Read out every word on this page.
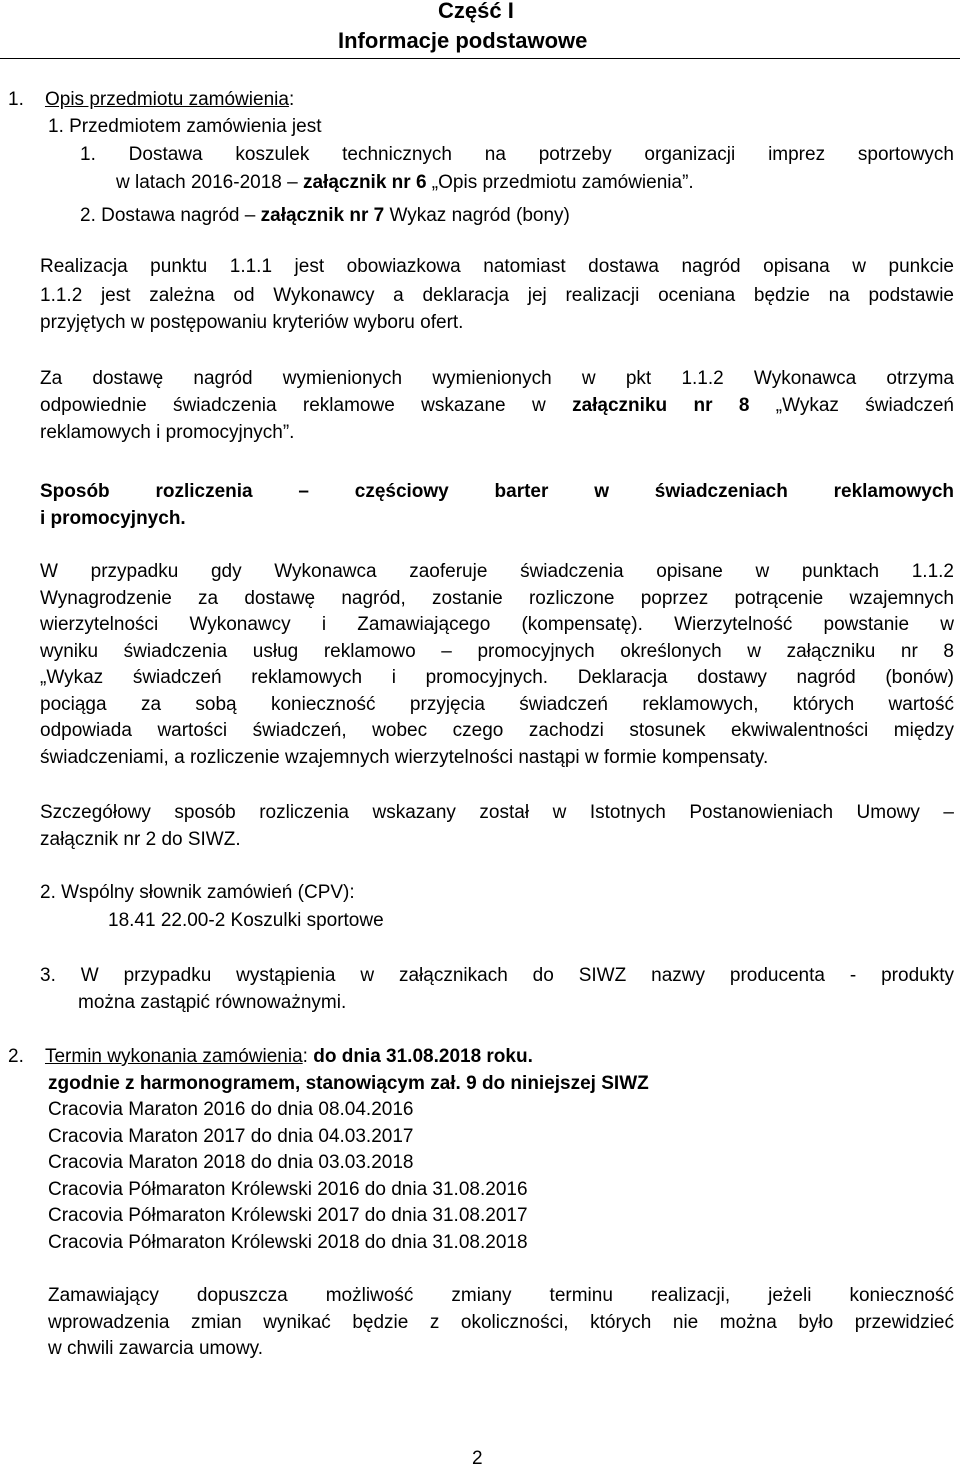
Część I
Informacje podstawowe
1. Opis przedmiotu zamówienia:
1. Przedmiotem zamówienia jest
1. Dostawa koszulek technicznych na potrzeby organizacji imprez sportowych
w latach 2016-2018 – załącznik nr 6 „Opis przedmiotu zamówienia”.
2. Dostawa nagród – załącznik nr 7 Wykaz nagród (bony)
Realizacja punktu 1.1.1 jest obowiazkowa natomiast dostawa nagród opisana w punkcie
1.1.2 jest zależna od Wykonawcy a deklaracja jej realizacji oceniana będzie na podstawie
przyjętych w postępowaniu kryteriów wyboru ofert.
Za dostawę nagród wymienionych wymienionych w pkt 1.1.2 Wykonawca otrzyma
odpowiednie świadczenia reklamowe wskazane w załączniku nr 8 „Wykaz świadczeń
reklamowych i promocyjnych”.
Sposób rozliczenia – częściowy barter w świadczeniach reklamowych
i promocyjnych.
W przypadku gdy Wykonawca zaoferuje świadczenia opisane w punktach 1.1.2
Wynagrodzenie za dostawę nagród, zostanie rozliczone poprzez potrącenie wzajemnych
wierzytelności Wykonawcy i Zamawiającego (kompensatę). Wierzytelność powstanie w
wyniku świadczenia usług reklamowo – promocyjnych określonych w załączniku nr 8
„Wykaz świadczeń reklamowych i promocyjnych. Deklaracja dostawy nagród (bonów)
pociąga za sobą konieczność przyjęcia świadczeń reklamowych, których wartość
odpowiada wartości świadczeń, wobec czego zachodzi stosunek ekwiwalentności między
świadczeniami, a rozliczenie wzajemnych wierzytelności nastąpi w formie kompensaty.
Szczegółowy sposób rozliczenia wskazany został w Istotnych Postanowieniach Umowy –
załącznik nr 2 do SIWZ.
2. Wspólny słownik zamówień (CPV):
18.41 22.00-2 Koszulki sportowe
3. W przypadku wystąpienia w załącznikach do SIWZ nazwy producenta - produkty
można zastąpić równoważnymi.
2. Termin wykonania zamówienia: do dnia 31.08.2018 roku.
zgodnie z harmonogramem, stanowiącym zał. 9 do niniejszej SIWZ
Cracovia Maraton 2016 do dnia 08.04.2016
Cracovia Maraton 2017 do dnia 04.03.2017
Cracovia Maraton 2018 do dnia 03.03.2018
Cracovia Półmaraton Królewski 2016 do dnia 31.08.2016
Cracovia Półmaraton Królewski 2017 do dnia 31.08.2017
Cracovia Półmaraton Królewski 2018 do dnia 31.08.2018
Zamawiający dopuszcza możliwość zmiany terminu realizacji, jeżeli konieczność
wprowadzenia zmian wynikać będzie z okoliczności, których nie można było przewidzieć
w chwili zawarcia umowy.
2
